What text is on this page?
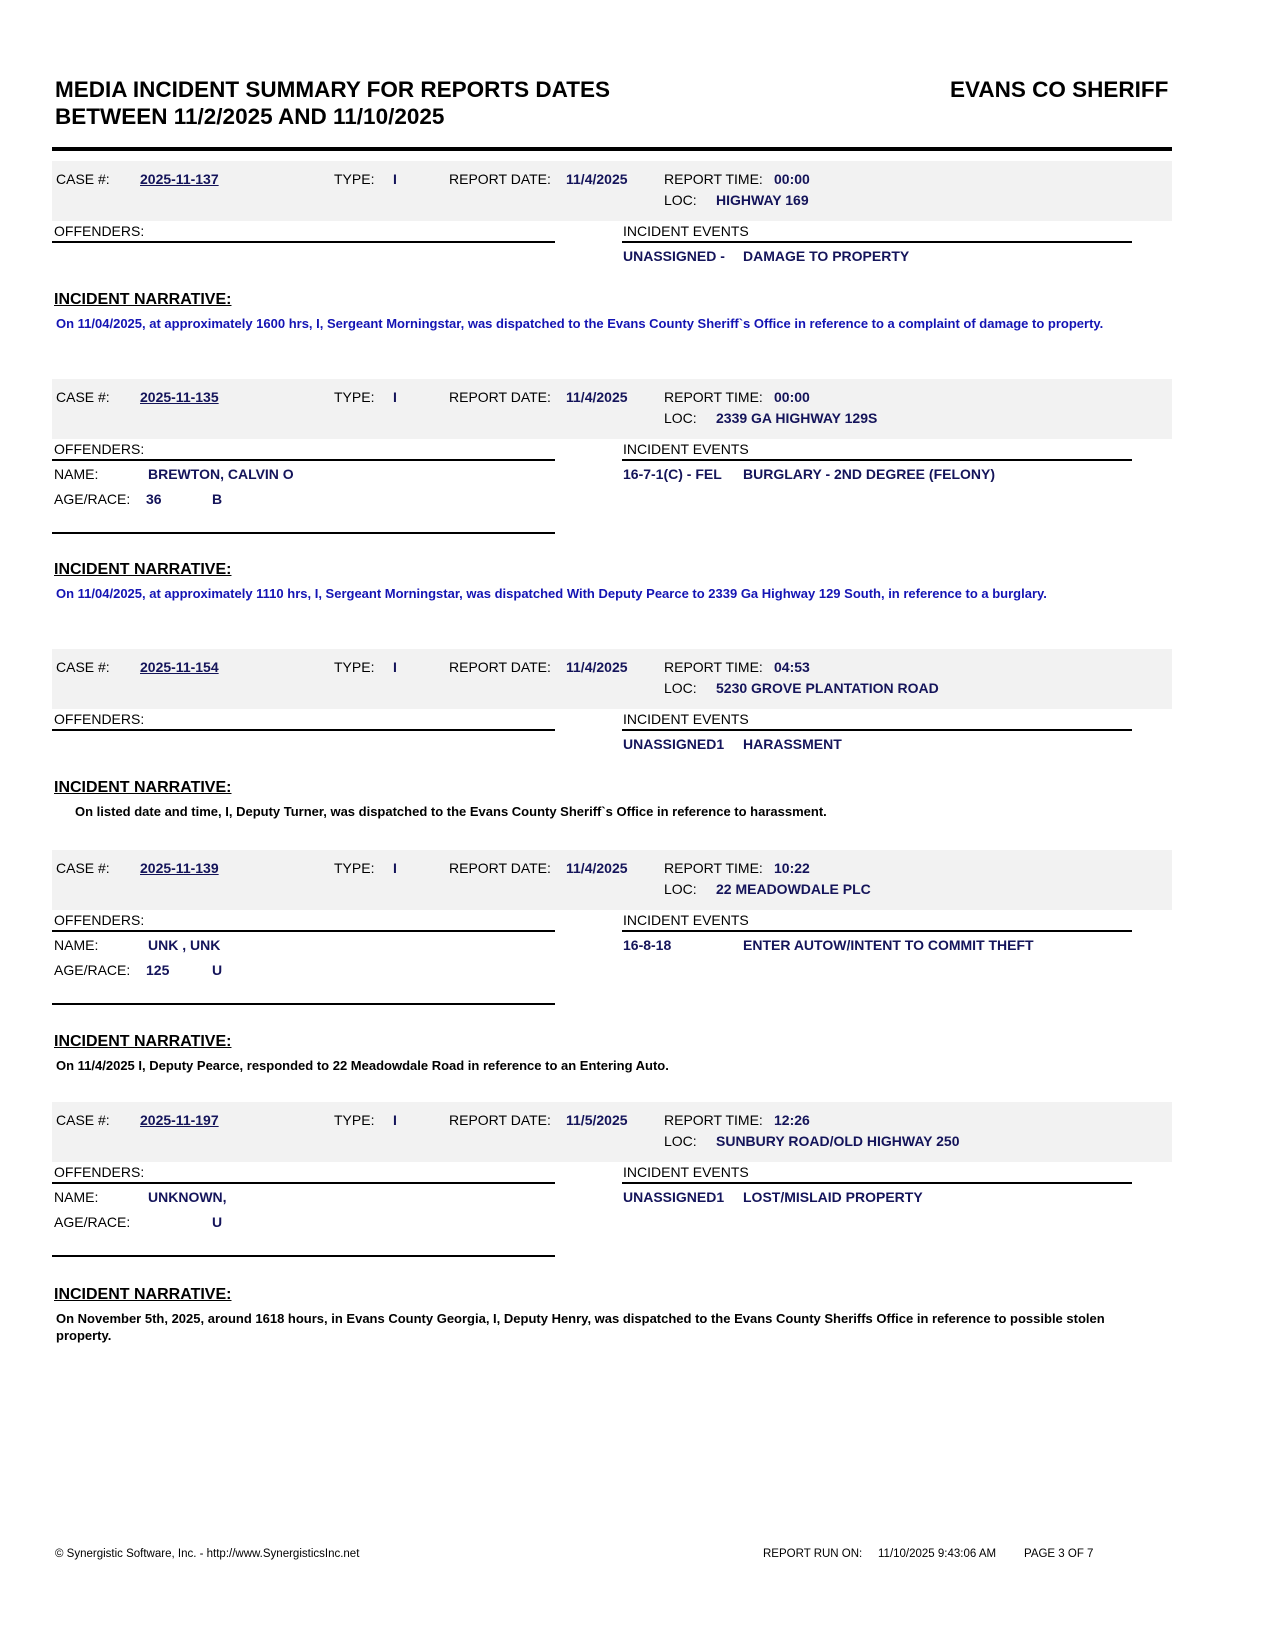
MEDIA INCIDENT SUMMARY FOR REPORTS DATES
BETWEEN 11/2/2025 AND 11/10/2025
EVANS CO SHERIFF
CASE #: 2025-11-137	TYPE: I	REPORT DATE: 11/4/2025	REPORT TIME: 00:00
LOC: HIGHWAY 169
OFFENDERS:	INCIDENT EVENTS
UNASSIGNED - DAMAGE TO PROPERTY
INCIDENT NARRATIVE:
On 11/04/2025, at approximately 1600 hrs, I, Sergeant Morningstar, was dispatched to the Evans County Sheriff`s Office in reference to a complaint of damage to property.
CASE #: 2025-11-135	TYPE: I	REPORT DATE: 11/4/2025	REPORT TIME: 00:00
LOC: 2339 GA HIGHWAY 129S
OFFENDERS:	INCIDENT EVENTS
16-7-1(C) - FEL BURGLARY - 2ND DEGREE (FELONY)
NAME:	BREWTON, CALVIN O
AGE/RACE: 36	B
INCIDENT NARRATIVE:
On 11/04/2025, at approximately 1110 hrs, I, Sergeant Morningstar, was dispatched With Deputy Pearce to 2339 Ga Highway 129 South, in reference to a burglary.
CASE #: 2025-11-154	TYPE: I	REPORT DATE: 11/4/2025	REPORT TIME: 04:53
LOC: 5230 GROVE PLANTATION ROAD
OFFENDERS:	INCIDENT EVENTS
UNASSIGNED1 HARASSMENT
INCIDENT NARRATIVE:
On listed date and time, I, Deputy Turner, was dispatched to the Evans County Sheriff`s Office in reference to harassment.
CASE #: 2025-11-139	TYPE: I	REPORT DATE: 11/4/2025	REPORT TIME: 10:22
LOC: 22 MEADOWDALE PLC
OFFENDERS:	INCIDENT EVENTS
16-8-18	ENTER AUTOW/INTENT TO COMMIT THEFT
NAME:	UNK , UNK
AGE/RACE: 125	U
INCIDENT NARRATIVE:
On 11/4/2025 I, Deputy Pearce, responded to 22 Meadowdale Road in reference to an Entering Auto.
CASE #: 2025-11-197	TYPE: I	REPORT DATE: 11/5/2025	REPORT TIME: 12:26
LOC: SUNBURY ROAD/OLD HIGHWAY 250
OFFENDERS:	INCIDENT EVENTS
UNASSIGNED1 LOST/MISLAID PROPERTY
NAME:	UNKNOWN,
AGE/RACE:	U
INCIDENT NARRATIVE:
On November 5th, 2025, around 1618 hours, in Evans County Georgia, I, Deputy Henry, was dispatched to the Evans County Sheriffs Office in reference to possible stolen property.
© Synergistic Software, Inc. - http://www.SynergisticsInc.net	REPORT RUN ON: 11/10/2025 9:43:06 AM PAGE 3 OF 7
